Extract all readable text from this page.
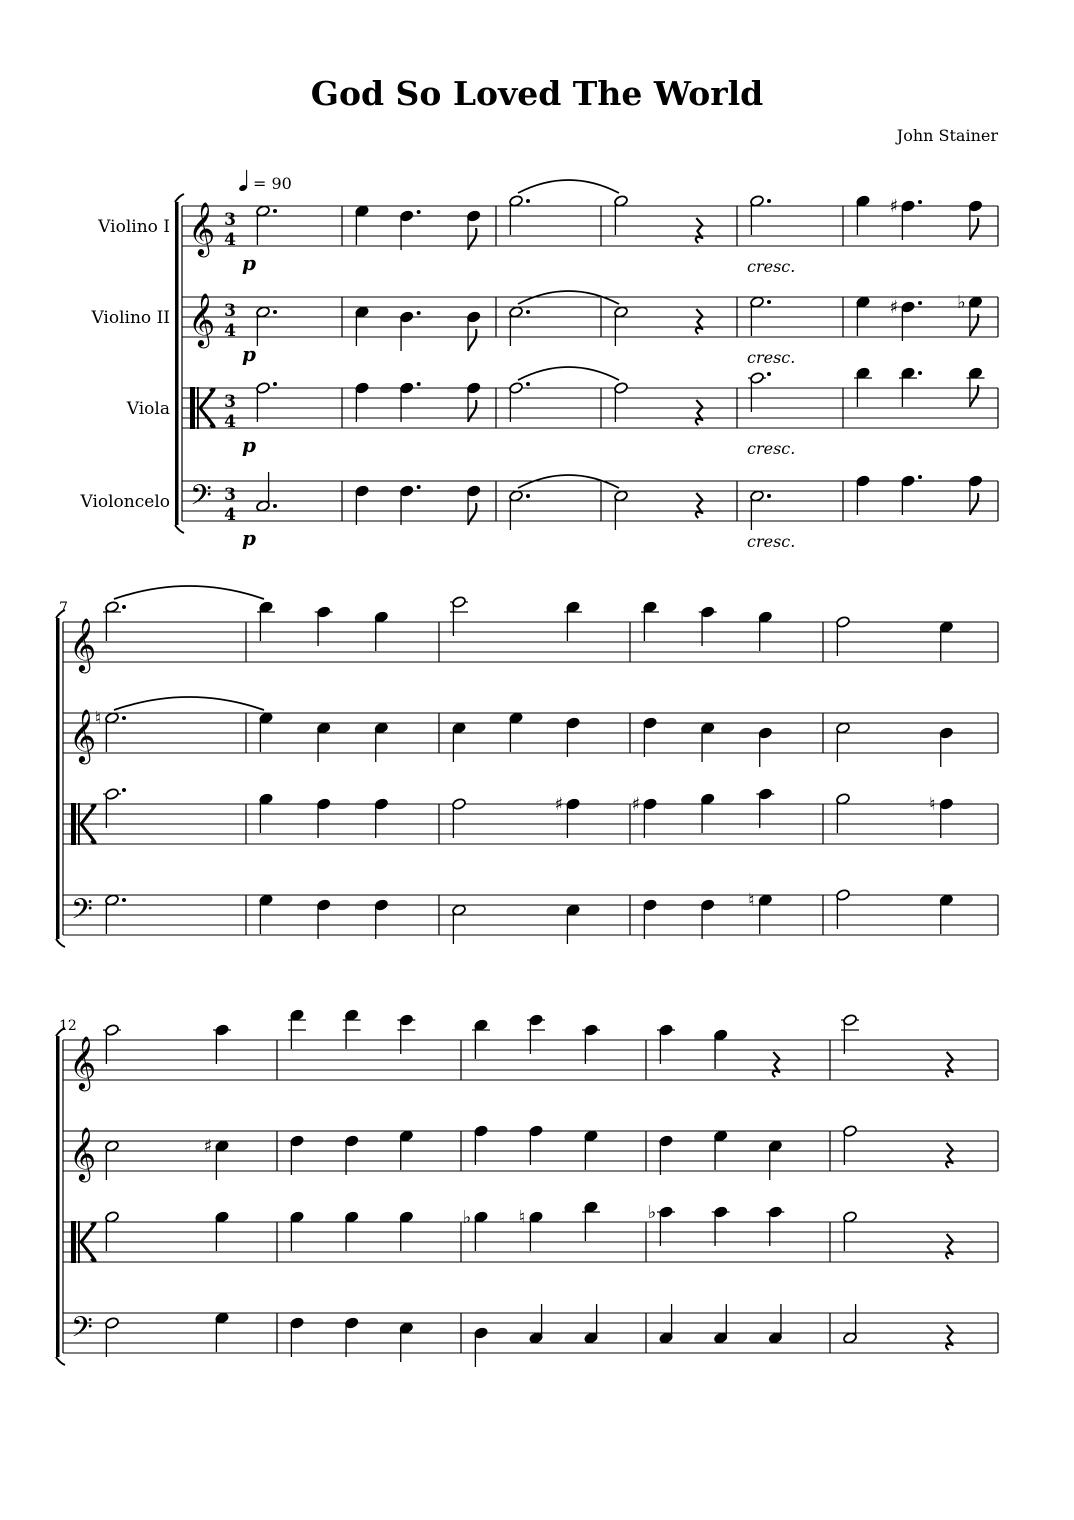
God So Loved The World
John Stainer
𝄞 3
4
Violino I
p	cresc.
♯
𝄞 3
4
Violino II
p	cresc.
♯	♭
3
4
Viola
p	cresc.
𝄢 3
4
Violoncelo
p	cresc.
7
𝄞
𝄞
♮
♯	♯	♮
𝄢	♮
12
𝄞
𝄞	♯
♭	♮	♭
𝄢
= 90
